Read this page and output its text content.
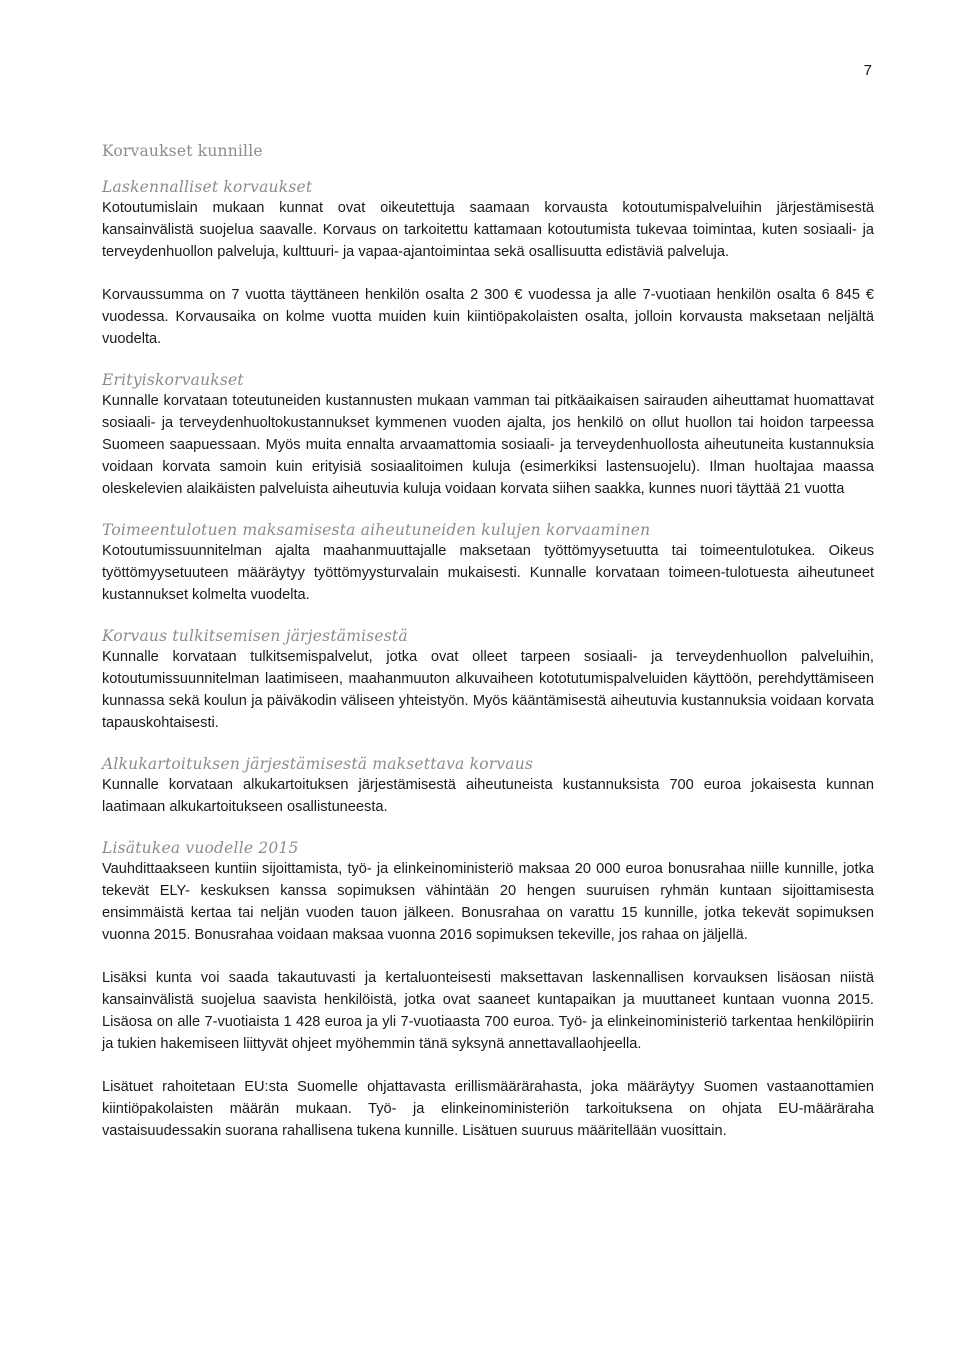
7
Korvaukset kunnille
Laskennalliset korvaukset

Kotoutumislain mukaan kunnat ovat oikeutettuja saamaan korvausta kotoutumispalveluihin järjestämisestä kansainvälistä suojelua saavalle. Korvaus on tarkoitettu kattamaan kotoutumista tukevaa toimintaa, kuten sosiaali- ja terveydenhuollon palveluja, kulttuuri- ja vapaa-ajantoimintaa sekä osallisuutta edistäviä palveluja.

Korvaussumma on 7 vuotta täyttäneen henkilön osalta 2 300 € vuodessa ja alle 7-vuotiaan henkilön osalta 6 845 € vuodessa. Korvausaika on kolme vuotta muiden kuin kiintiöpakolaisten osalta, jolloin korvausta maksetaan neljältä vuodelta.

Erityiskorvaukset

Kunnalle korvataan toteutuneiden kustannusten mukaan vamman tai pitkäaikaisen sairauden aiheuttamat huomattavat sosiaali- ja terveydenhuoltokustannukset kymmenen vuoden ajalta, jos henkilö on ollut huollon tai hoidon tarpeessa Suomeen saapuessaan. Myös muita ennalta arvaamattomia sosiaali- ja terveydenhuollosta aiheutuneita kustannuksia voidaan korvata samoin kuin erityisiä sosiaalitoimen kuluja (esimerkiksi lastensuojelu). Ilman huoltajaa maassa oleskelevien alaikäisten palveluista aiheutuvia kuluja voidaan korvata siihen saakka, kunnes nuori täyttää 21 vuotta

Toimeentulotuen maksamisesta aiheutuneiden kulujen korvaaminen

Kotoutumissuunnitelman ajalta maahanmuuttajalle maksetaan työttömyysetuutta tai toimeentulotukea. Oikeus työttömyysetuuteen määräytyy työttömyysturvalain mukaisesti. Kunnalle korvataan toimeen-tulotuesta aiheutuneet kustannukset kolmelta vuodelta.

Korvaus tulkitsemisen järjestämisestä

Kunnalle korvataan tulkitsemispalvelut, jotka ovat olleet tarpeen sosiaali- ja terveydenhuollon palveluihin, kotoutumissuunnitelman laatimiseen, maahanmuuton alkuvaiheen kototutumispalveluiden käyttöön, perehdyttämiseen kunnassa sekä koulun ja päiväkodin väliseen yhteistyön. Myös kääntämisestä aiheutuvia kustannuksia voidaan korvata tapauskohtaisesti.

Alkukartoituksen järjestämisestä maksettava korvaus

Kunnalle korvataan alkukartoituksen järjestämisestä aiheutuneista kustannuksista 700 euroa jokaisesta kunnan laatimaan alkukartoitukseen osallistuneesta.

Lisätukea vuodelle 2015

Vauhdittaakseen kuntiin sijoittamista, työ- ja elinkeinoministeriö maksaa 20 000 euroa bonusrahaa niille kunnille, jotka tekevät ELY- keskuksen kanssa sopimuksen vähintään 20 hengen suuruisen ryhmän kuntaan sijoittamisesta ensimmäistä kertaa tai neljän vuoden tauon jälkeen. Bonusrahaa on varattu 15 kunnille, jotka tekevät sopimuksen vuonna 2015. Bonusrahaa voidaan maksaa vuonna 2016 sopimuksen tekeville, jos rahaa on jäljellä.

Lisäksi kunta voi saada takautuvasti ja kertaluonteisesti maksettavan laskennallisen korvauksen lisäosan niistä kansainvälistä suojelua saavista henkilöistä, jotka ovat saaneet kuntapaikan ja muuttaneet kuntaan vuonna 2015. Lisäosa on alle 7-vuotiaista 1 428 euroa ja yli 7-vuotiaasta 700 euroa. Työ- ja elinkeinoministeriö tarkentaa henkilöpiirin ja tukien hakemiseen liittyvät ohjeet myöhemmin tänä syksynä annettavallaohjeella.

Lisätuet rahoitetaan EU:sta Suomelle ohjattavasta erillismäärärahasta, joka määräytyy Suomen vastaanottamien kiintiöpakolaisten määrän mukaan. Työ- ja elinkeinoministeriön tarkoituksena on ohjata EU-määräraha vastaisuudessakin suorana rahallisena tukena kunnille. Lisätuen suuruus määritellään vuosittain.
